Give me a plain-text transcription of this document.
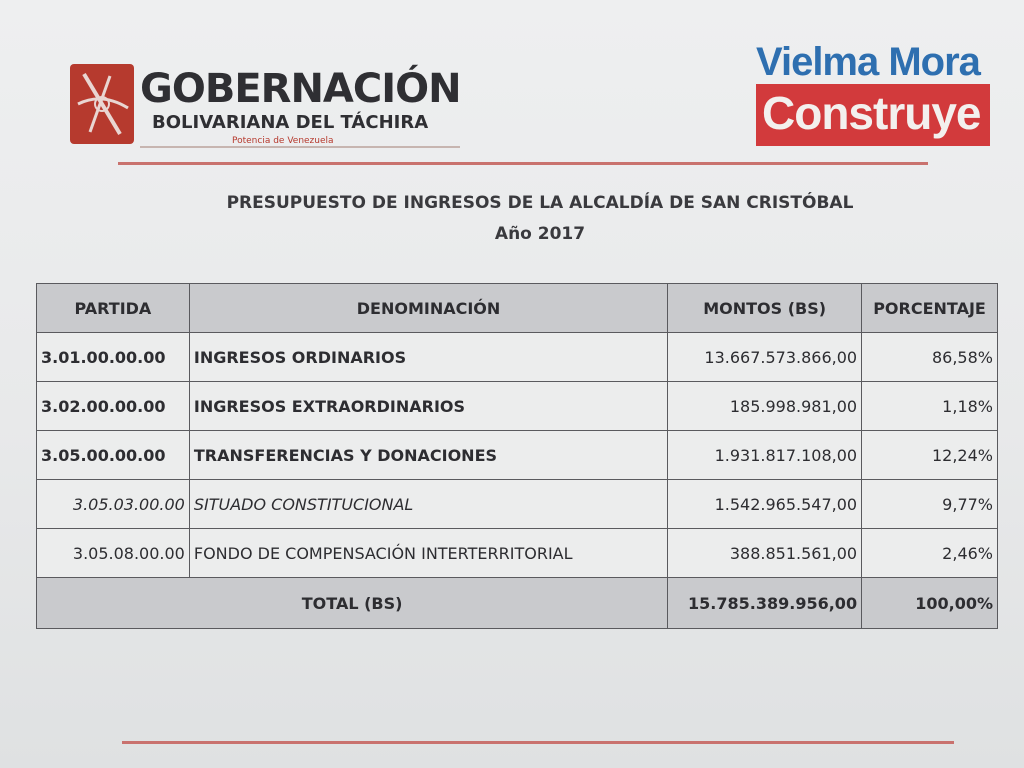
GOBERNACIÓN
BOLIVARIANA DEL TÁCHIRA
Potencia de Venezuela
Vielma Mora
Construye
PRESUPUESTO DE INGRESOS DE LA ALCALDÍA DE SAN CRISTÓBAL
Año 2017
PARTIDA	DENOMINACIÓN	MONTOS (BS)	PORCENTAJE
3.01.00.00.00	INGRESOS ORDINARIOS	13.667.573.866,00	86,58%
3.02.00.00.00	INGRESOS EXTRAORDINARIOS	185.998.981,00	1,18%
3.05.00.00.00	TRANSFERENCIAS Y DONACIONES	1.931.817.108,00	12,24%
3.05.03.00.00	SITUADO CONSTITUCIONAL	1.542.965.547,00	9,77%
3.05.08.00.00	FONDO DE COMPENSACIÓN INTERTERRITORIAL	388.851.561,00	2,46%
TOTAL (BS)		15.785.389.956,00	100,00%
